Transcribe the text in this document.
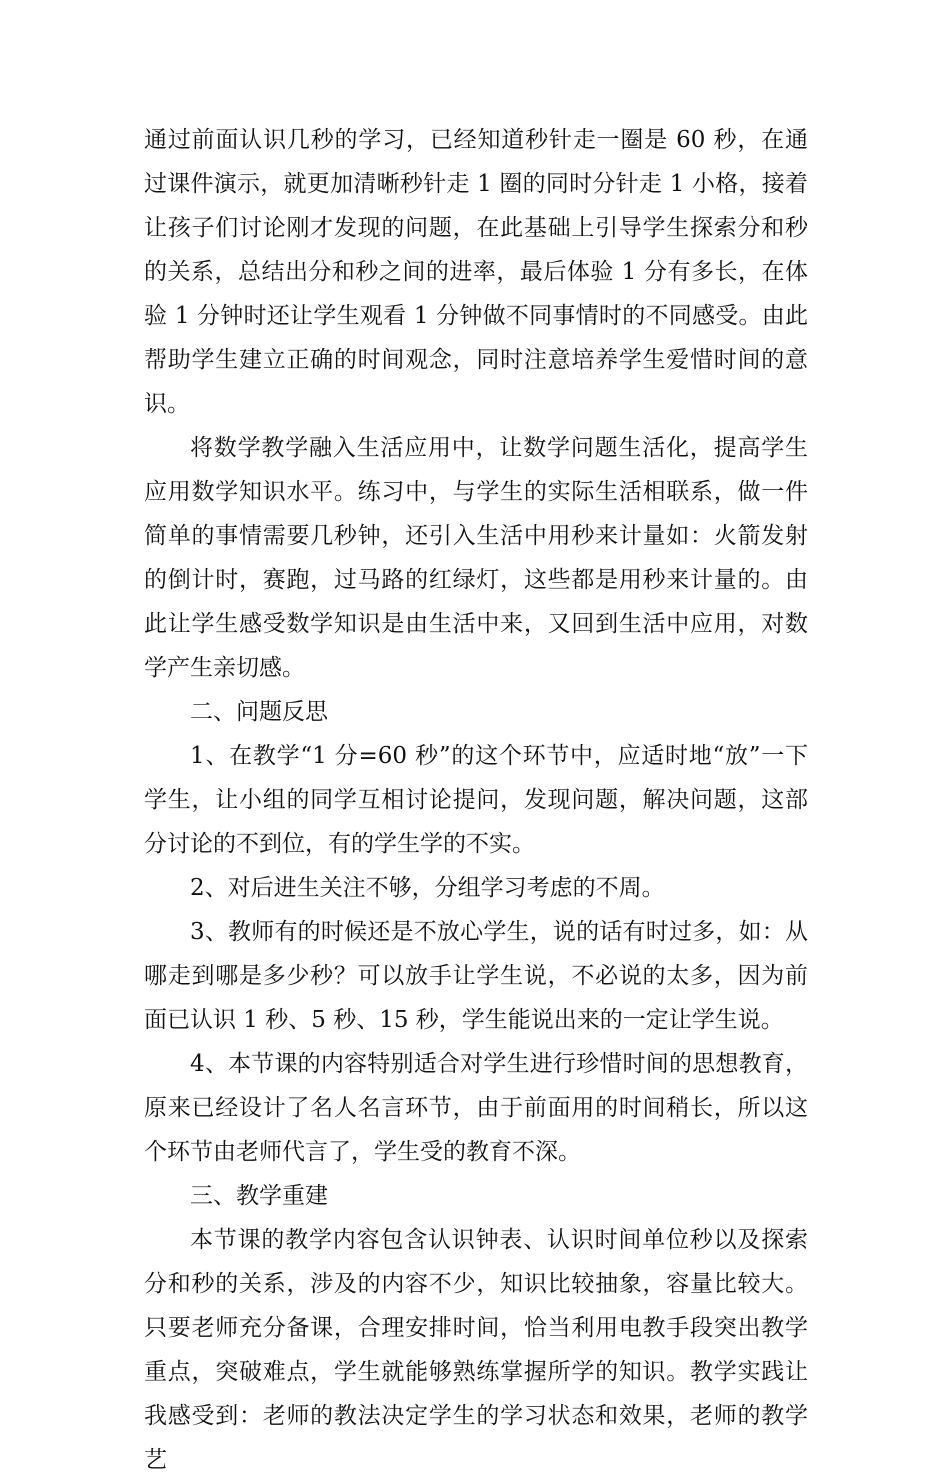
通过前面认识几秒的学习，已经知道秒针走一圈是 60 秒，在通过课件演示，就更加清晰秒针走 1 圈的同时分针走 1 小格，接着让孩子们讨论刚才发现的问题，在此基础上引导学生探索分和秒的关系，总结出分和秒之间的进率，最后体验 1 分有多长，在体验 1 分钟时还让学生观看 1 分钟做不同事情时的不同感受。由此帮助学生建立正确的时间观念，同时注意培养学生爱惜时间的意识。

将数学教学融入生活应用中，让数学问题生活化，提高学生应用数学知识水平。练习中，与学生的实际生活相联系，做一件简单的事情需要几秒钟，还引入生活中用秒来计量如：火箭发射的倒计时，赛跑，过马路的红绿灯，这些都是用秒来计量的。由此让学生感受数学知识是由生活中来，又回到生活中应用，对数学产生亲切感。

二、问题反思

1、在教学“1 分=60 秒”的这个环节中，应适时地“放”一下学生，让小组的同学互相讨论提问，发现问题，解决问题，这部分讨论的不到位，有的学生学的不实。

2、对后进生关注不够，分组学习考虑的不周。

3、教师有的时候还是不放心学生，说的话有时过多，如：从哪走到哪是多少秒？可以放手让学生说，不必说的太多，因为前面已认识 1 秒、5 秒、15 秒，学生能说出来的一定让学生说。

4、本节课的内容特别适合对学生进行珍惜时间的思想教育，原来已经设计了名人名言环节，由于前面用的时间稍长，所以这个环节由老师代言了，学生受的教育不深。

三、教学重建

本节课的教学内容包含认识钟表、认识时间单位秒以及探索分和秒的关系，涉及的内容不少，知识比较抽象，容量比较大。只要老师充分备课，合理安排时间，恰当利用电教手段突出教学重点，突破难点，学生就能够熟练掌握所学的知识。教学实践让我感受到：老师的教法决定学生的学习状态和效果，老师的教学艺
